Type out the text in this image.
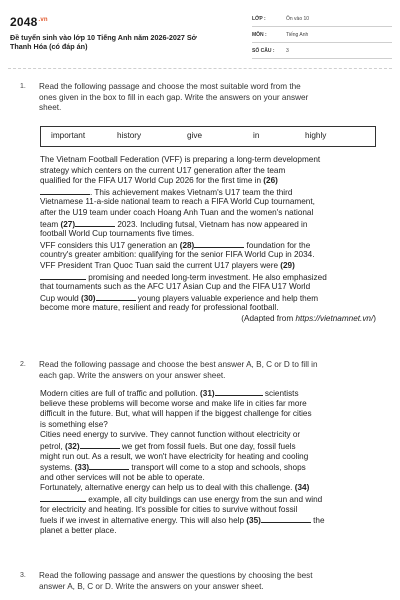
$2048^{.vn}$
Đề tuyển sinh vào lớp 10 Tiếng Anh năm 2026-2027 Sở
Thanh Hóa (có đáp án)
LỚP :	Ôn vào 10
MÔN :	Tiếng Anh
SỐ CÂU : 3
1. Read the following passage and choose the most suitable word from the
ones given in the box to fill in each gap. Write the answers on your answer
sheet.
important	history	give	in	highly
The Vietnam Football Federation (VFF) is preparing a long-term development
strategy which centers on the current U17 generation after the team
qualified for the FIFA U17 World Cup 2026 for the first time in (26)
. This achievement makes Vietnam's U17 team the third
Vietnamese 11-a-side national team to reach a FIFA World Cup tournament,
after the U19 team under coach Hoang Anh Tuan and the women's national
team (27)	2023. Including futsal, Vietnam has now appeared in
football World Cup tournaments five times.
VFF considers this U17 generation an (28)	foundation for the
country's greater ambition: qualifying for the senior FIFA World Cup in 2034.
VFF President Tran Quoc Tuan said the current U17 players were (29)
promising and needed long-term investment. He also emphasized
that tournaments such as the AFC U17 Asian Cup and the FIFA U17 World
Cup would (30)	young players valuable experience and help them
become more mature, resilient and ready for professional football.
(Adapted from https://vietnamnet.vn/)
2. Read the following passage and choose the best answer A, B, C or D to fill in
each gap. Write the answers on your answer sheet.
Modern cities are full of traffic and pollution. (31)	scientists
believe these problems will become worse and make life in cities far more
difficult in the future. But, what will happen if the biggest challenge for cities
is something else?
Cities need energy to survive. They cannot function without electricity or
petrol, (32)	we get from fossil fuels. But one day, fossil fuels
might run out. As a result, we won't have electricity for heating and cooling
systems. (33)	transport will come to a stop and schools, shops
and other services will not be able to operate.
Fortunately, alternative energy can help us to deal with this challenge. (34)
example, all city buildings can use energy from the sun and wind
for electricity and heating. It's possible for cities to survive without fossil
fuels if we invest in alternative energy. This will also help (35)	the
planet a better place.
3. Read the following passage and answer the questions by choosing the best
answer A, B, C or D. Write the answers on your answer sheet.
